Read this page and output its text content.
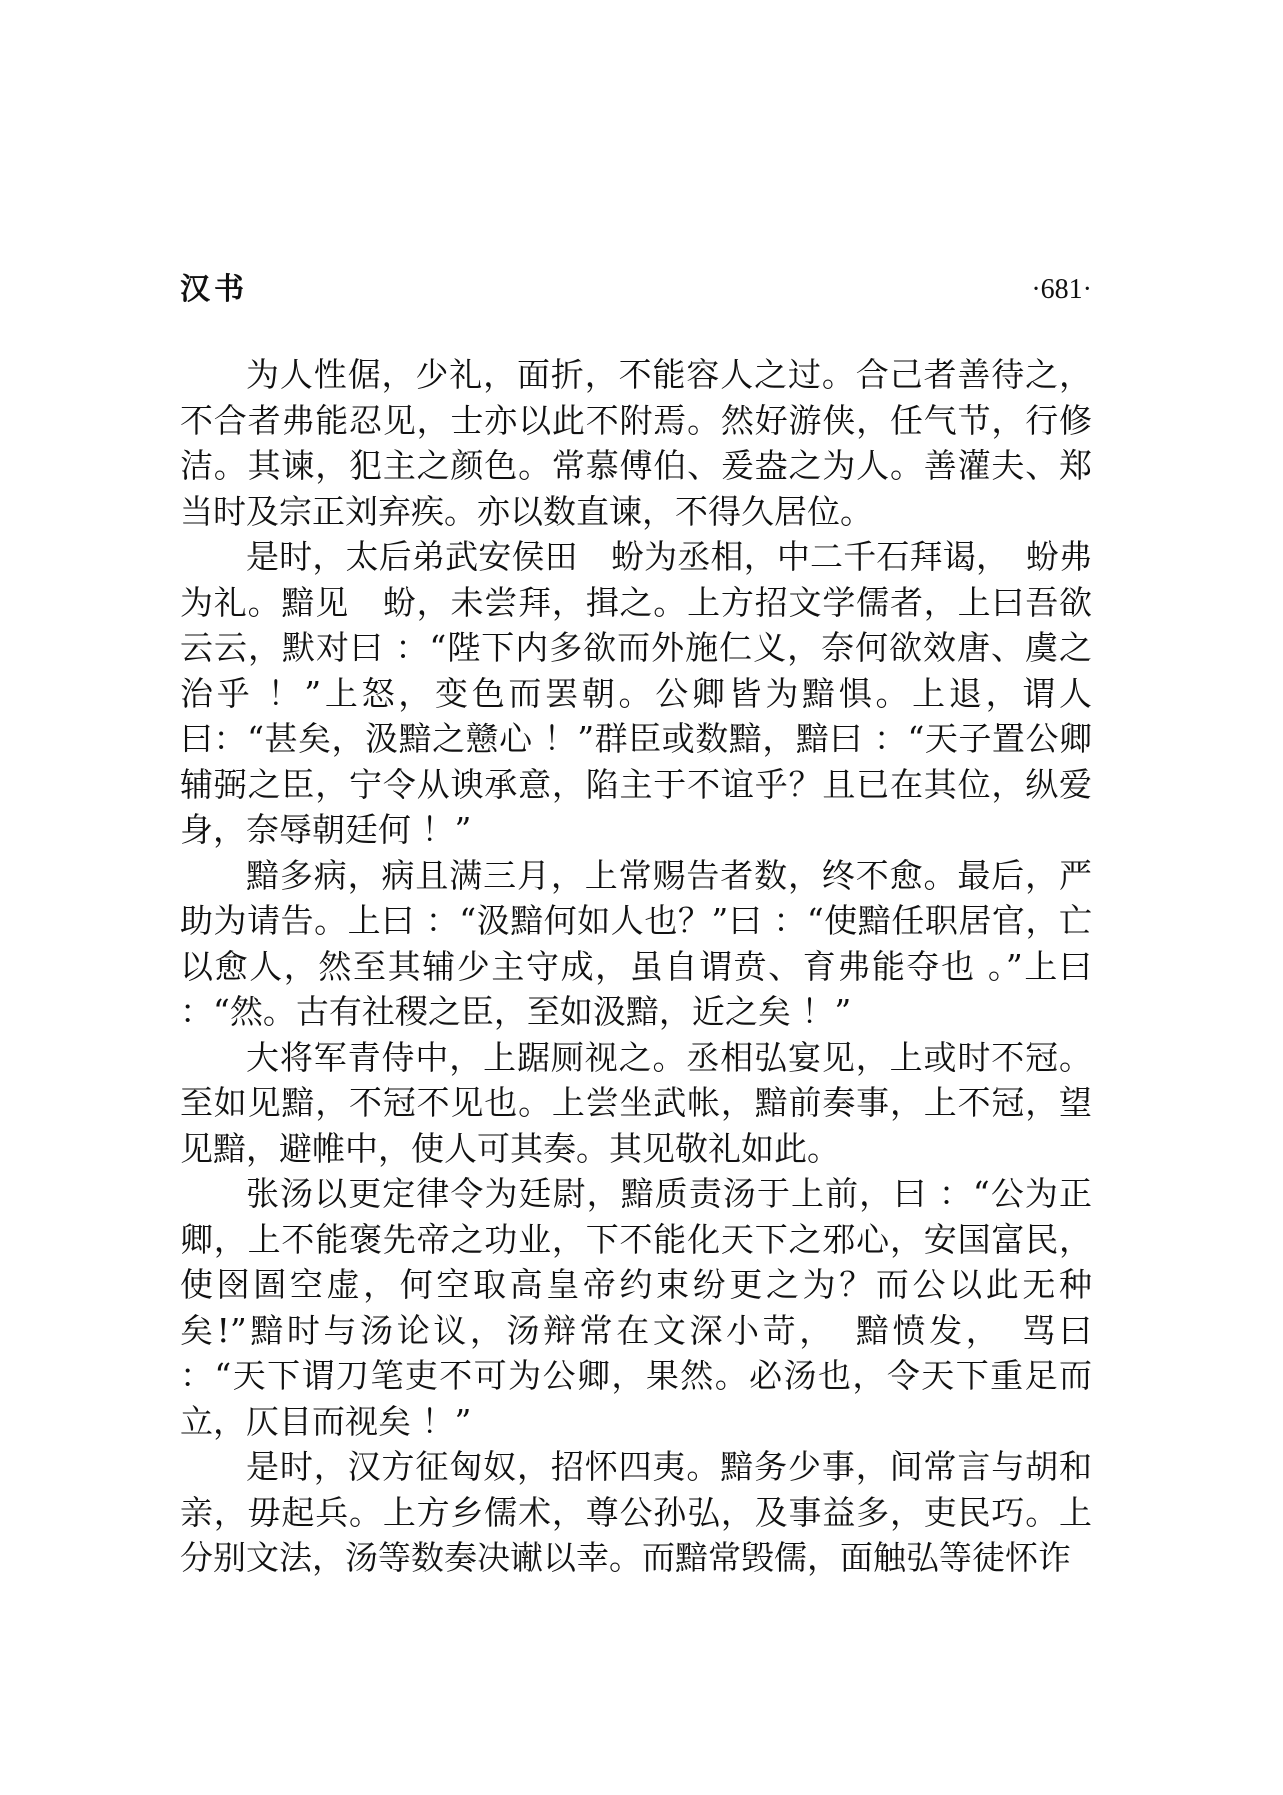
汉书	·681·

为人性倨，少礼，面折，不能容人之过。合己者善待之，不合者弗能忍见，士亦以此不附焉。然好游侠，任气节，行修洁。其谏，犯主之颜色。常慕傅伯、爰盎之为人。善灌夫、郑当时及宗正刘弃疾。亦以数直谏，不得久居位。

是时，太后弟武安侯田　蚡为丞相，中二千石拜谒，　蚡弗为礼。黯见　蚡，未尝拜，揖之。上方招文学儒者，上曰吾欲云云，默对曰 ：“陛下内多欲而外施仁义，奈何欲效唐、虞之治乎 ！”上怒，变色而罢朝。公卿皆为黯惧。上退，谓人曰：“甚矣，汲黯之戆心 ！”群臣或数黯，黯曰 ：“天子置公卿辅弼之臣，宁令从谀承意，陷主于不谊乎？且已在其位，纵爱身，奈辱朝廷何 ！”

黯多病，病且满三月，上常赐告者数，终不愈。最后，严助为请告。上曰 ：“汲黯何如人也？”曰 ：“使黯任职居官，亡以愈人，然至其辅少主守成，虽自谓贲、育弗能夺也 。”上曰 ：“然。古有社稷之臣，至如汲黯，近之矣 ！”

大将军青侍中，上踞厕视之。丞相弘宴见，上或时不冠。至如见黯，不冠不见也。上尝坐武帐，黯前奏事，上不冠，望见黯，避帷中，使人可其奏。其见敬礼如此。

张汤以更定律令为廷尉，黯质责汤于上前，曰 ：“公为正卿，上不能褒先帝之功业，下不能化天下之邪心，安国富民，使囹圄空虚，何空取高皇帝约束纷更之为？而公以此无种矣!”黯时与汤论议，汤辩常在文深小苛，　黯愤发，　骂曰 ：“天下谓刀笔吏不可为公卿，果然。必汤也，令天下重足而立，仄目而视矣 ！”

是时，汉方征匈奴，招怀四夷。黯务少事，间常言与胡和亲，毋起兵。上方乡儒术，尊公孙弘，及事益多，吏民巧。上分别文法，汤等数奏决谳以幸。而黯常毁儒，面触弘等徒怀诈
